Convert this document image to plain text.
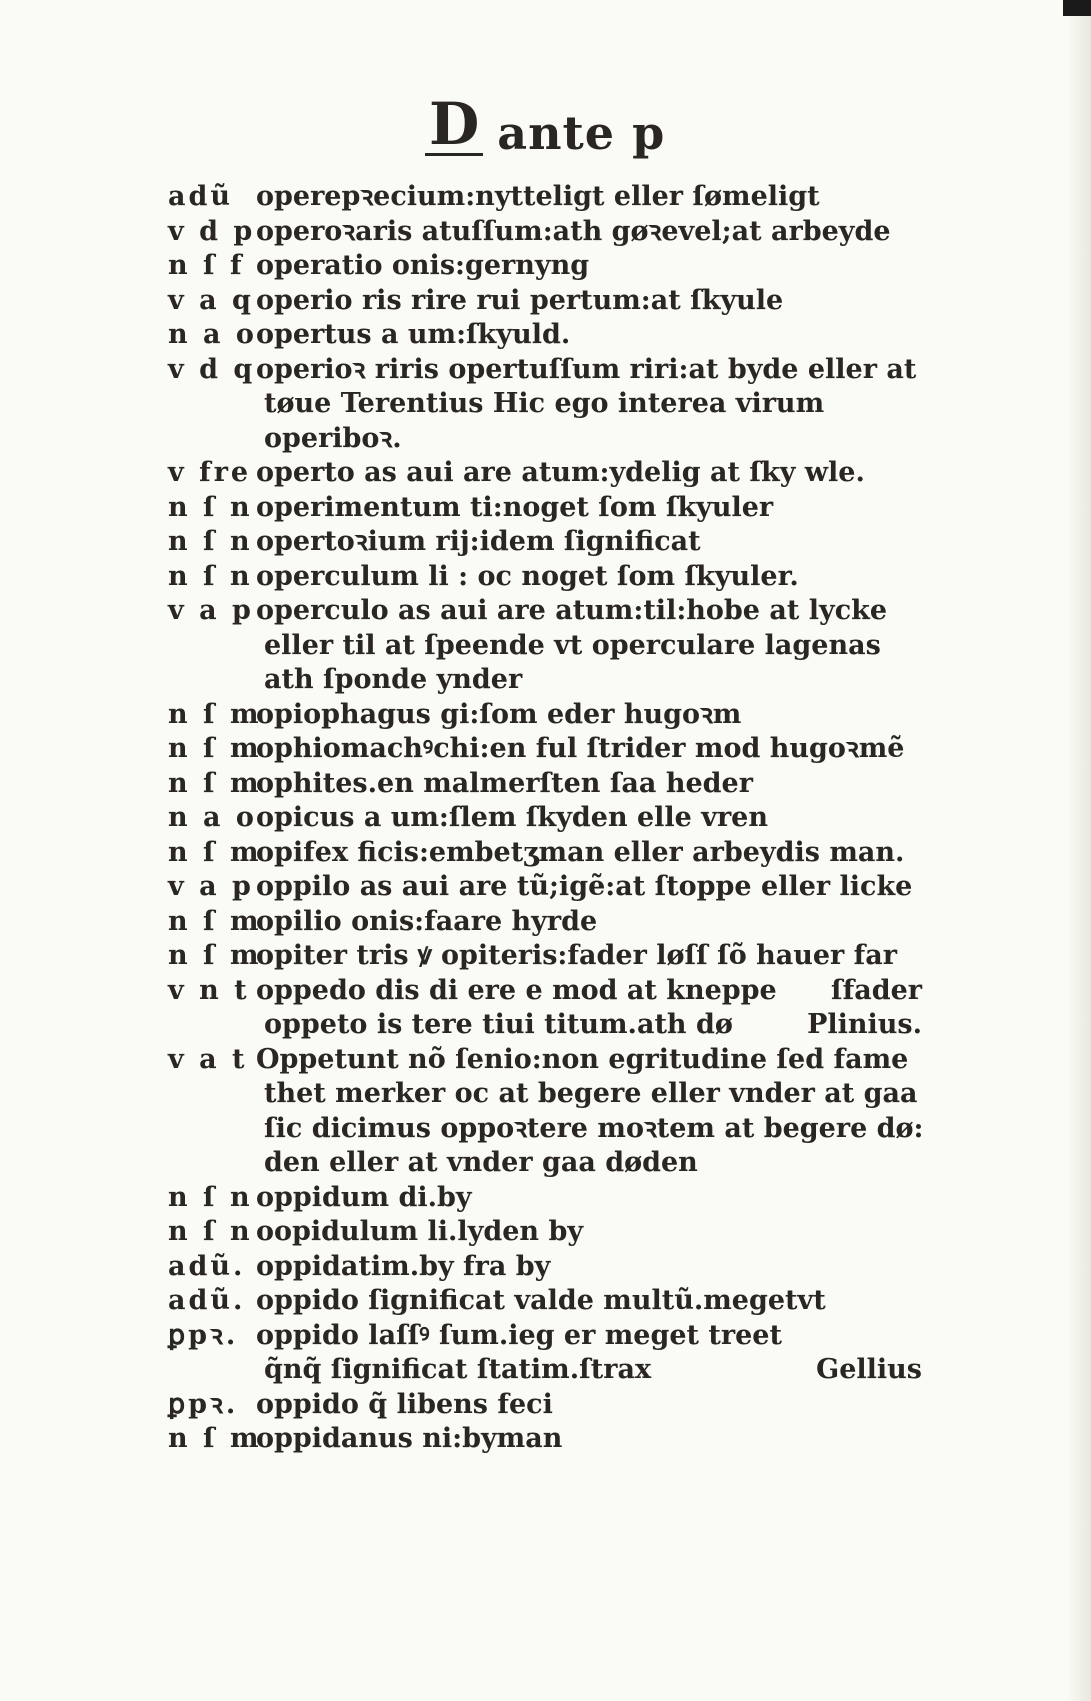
D ante p
adũ operepꝛecium:nytteligt eller ſømeligt
v d p operoꝛaris atuſſum:ath gøꝛevel;at arbeyde
n ſ f operatio onis:gernyng
v a q operio ris rire rui pertum:at ſkyule
n a o opertus a um:ſkyuld.
v d q operioꝛ riris opertuſſum riri:at byde eller at
tøue Terentius Hic ego interea virum
operiboꝛ.
v fre operto as aui are atum:ydelig at ſky wle.
n ſ n operimentum ti:noget ſom ſkyuler
n ſ n opertoꝛium rij:idem ſignificat
n ſ n operculum li : oc noget ſom ſkyuler.
v a p operculo as aui are atum:til:hobe at lycke
eller til at ſpeende vt operculare lagenas
ath ſponde ynder
n ſ m
opiophagus gi:ſom eder hugoꝛm
n ſ m
ophiomachꝰchi:en ful ſtrider mod hugoꝛmẽ
n ſ m
ophites.en malmerſten ſaa heder
n a o opicus a um:ſlem ſkyden elle vren
n ſ m
opifex ficis:embetʒman eller arbeydis man.
v a p oppilo as aui are tũ;igẽ:at ſtoppe eller licke
n ſ m
opilio onis:faare hyrde
n ſ m
opiter tris ꝟ opiteris:fader løſſ ſõ hauer far
v n t	ſfader
oppedo dis di ere e mod at kneppe
Plinius.
oppeto is tere tiui titum.ath dø
v a t Oppetunt nõ ſenio:non egritudine ſed fame
thet merker oc at begere eller vnder at gaa
ſic dicimus oppoꝛtere moꝛtem at begere dø:
den eller at vnder gaa døden
n ſ n oppidum di.by
n ſ n oopidulum li.lyden by
adũ. oppidatim.by fra by
adũ. oppido ſignificat valde multũ.megetvt
ꝑpꝛ. oppido laſſꝰ ſum.ieg er meget treet
Gellius
q̃nq̃ ſignificat ſtatim.ſtrax
ꝑpꝛ. oppido q̃ libens feci
n ſ m
oppidanus ni:byman
